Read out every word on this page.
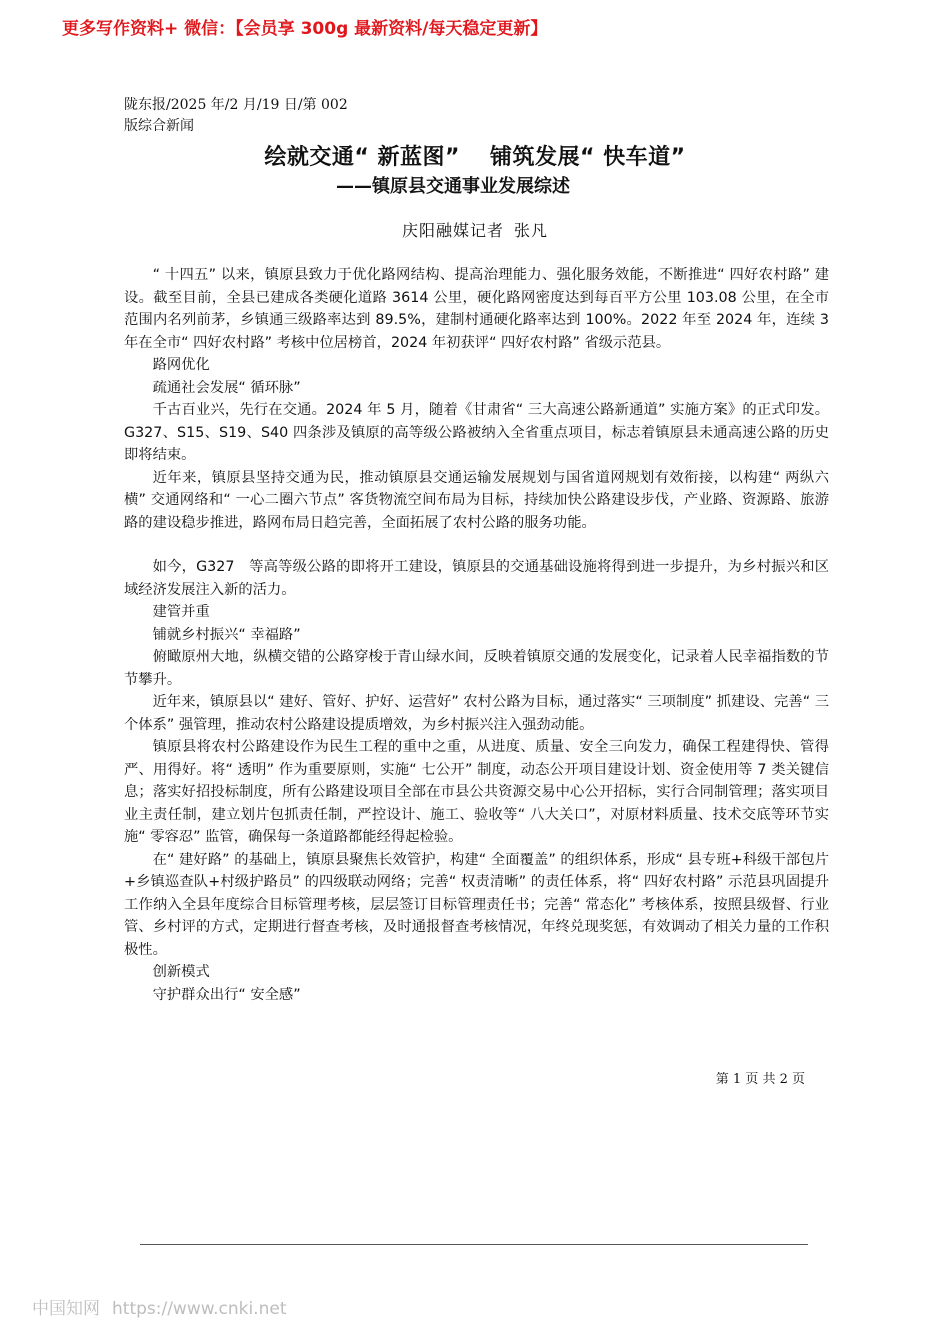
更多写作资料+ 微信：【会员享 300g 最新资料/每天稳定更新】
陇东报/2025 年/2 月/19 日/第 002
版综合新闻
绘就交通“ 新蓝图” 铺筑发展“ 快车道”
——镇原县交通事业发展综述
庆阳融媒记者 张凡

“ 十四五” 以来，镇原县致力于优化路网结构、提高治理能力、强化服务效能，不断推进“ 四好农村路” 建设。截至目前，全县已建成各类硬化道路 3614 公里，硬化路网密度达到每百平方公里 103.08 公里，在全市范围内名列前茅，乡镇通三级路率达到 89.5%，建制村通硬化路率达到 100%。2022 年至 2024 年，连续 3 年在全市“ 四好农村路” 考核中位居榜首，2024 年初获评“ 四好农村路” 省级示范县。

路网优化

疏通社会发展“ 循环脉”

千古百业兴，先行在交通。2024 年 5 月，随着《甘肃省“ 三大高速公路新通道” 实施方案》的正式印发。G327、S15、S19、S40 四条涉及镇原的高等级公路被纳入全省重点项目，标志着镇原县未通高速公路的历史即将结束。

近年来，镇原县坚持交通为民，推动镇原县交通运输发展规划与国省道网规划有效衔接，以构建“ 两纵六横” 交通网络和“ 一心二圈六节点” 客货物流空间布局为目标，持续加快公路建设步伐，产业路、资源路、旅游路的建设稳步推进，路网布局日趋完善，全面拓展了农村公路的服务功能。

如今，G327　等高等级公路的即将开工建设，镇原县的交通基础设施将得到进一步提升，为乡村振兴和区域经济发展注入新的活力。

建管并重

铺就乡村振兴“ 幸福路”

俯瞰原州大地，纵横交错的公路穿梭于青山绿水间，反映着镇原交通的发展变化，记录着人民幸福指数的节节攀升。

近年来，镇原县以“ 建好、管好、护好、运营好” 农村公路为目标，通过落实“ 三项制度” 抓建设、完善“ 三个体系” 强管理，推动农村公路建设提质增效，为乡村振兴注入强劲动能。

镇原县将农村公路建设作为民生工程的重中之重，从进度、质量、安全三向发力，确保工程建得快、管得严、用得好。将“ 透明” 作为重要原则，实施“ 七公开” 制度，动态公开项目建设计划、资金使用等 7 类关键信息；落实好招投标制度，所有公路建设项目全部在市县公共资源交易中心公开招标，实行合同制管理；落实项目业主责任制，建立划片包抓责任制，严控设计、施工、验收等“ 八大关口”，对原材料质量、技术交底等环节实施“ 零容忍” 监管，确保每一条道路都能经得起检验。

在“ 建好路” 的基础上，镇原县聚焦长效管护，构建“ 全面覆盖” 的组织体系，形成“ 县专班+科级干部包片+乡镇巡查队+村级护路员” 的四级联动网络；完善“ 权责清晰” 的责任体系，将“ 四好农村路” 示范县巩固提升工作纳入全县年度综合目标管理考核，层层签订目标管理责任书；完善“ 常态化” 考核体系，按照县级督、行业管、乡村评的方式，定期进行督查考核，及时通报督查考核情况，年终兑现奖惩，有效调动了相关力量的工作积极性。

创新模式

守护群众出行“ 安全感”

第 1 页 共 2 页
中国知网 https://www.cnki.net
